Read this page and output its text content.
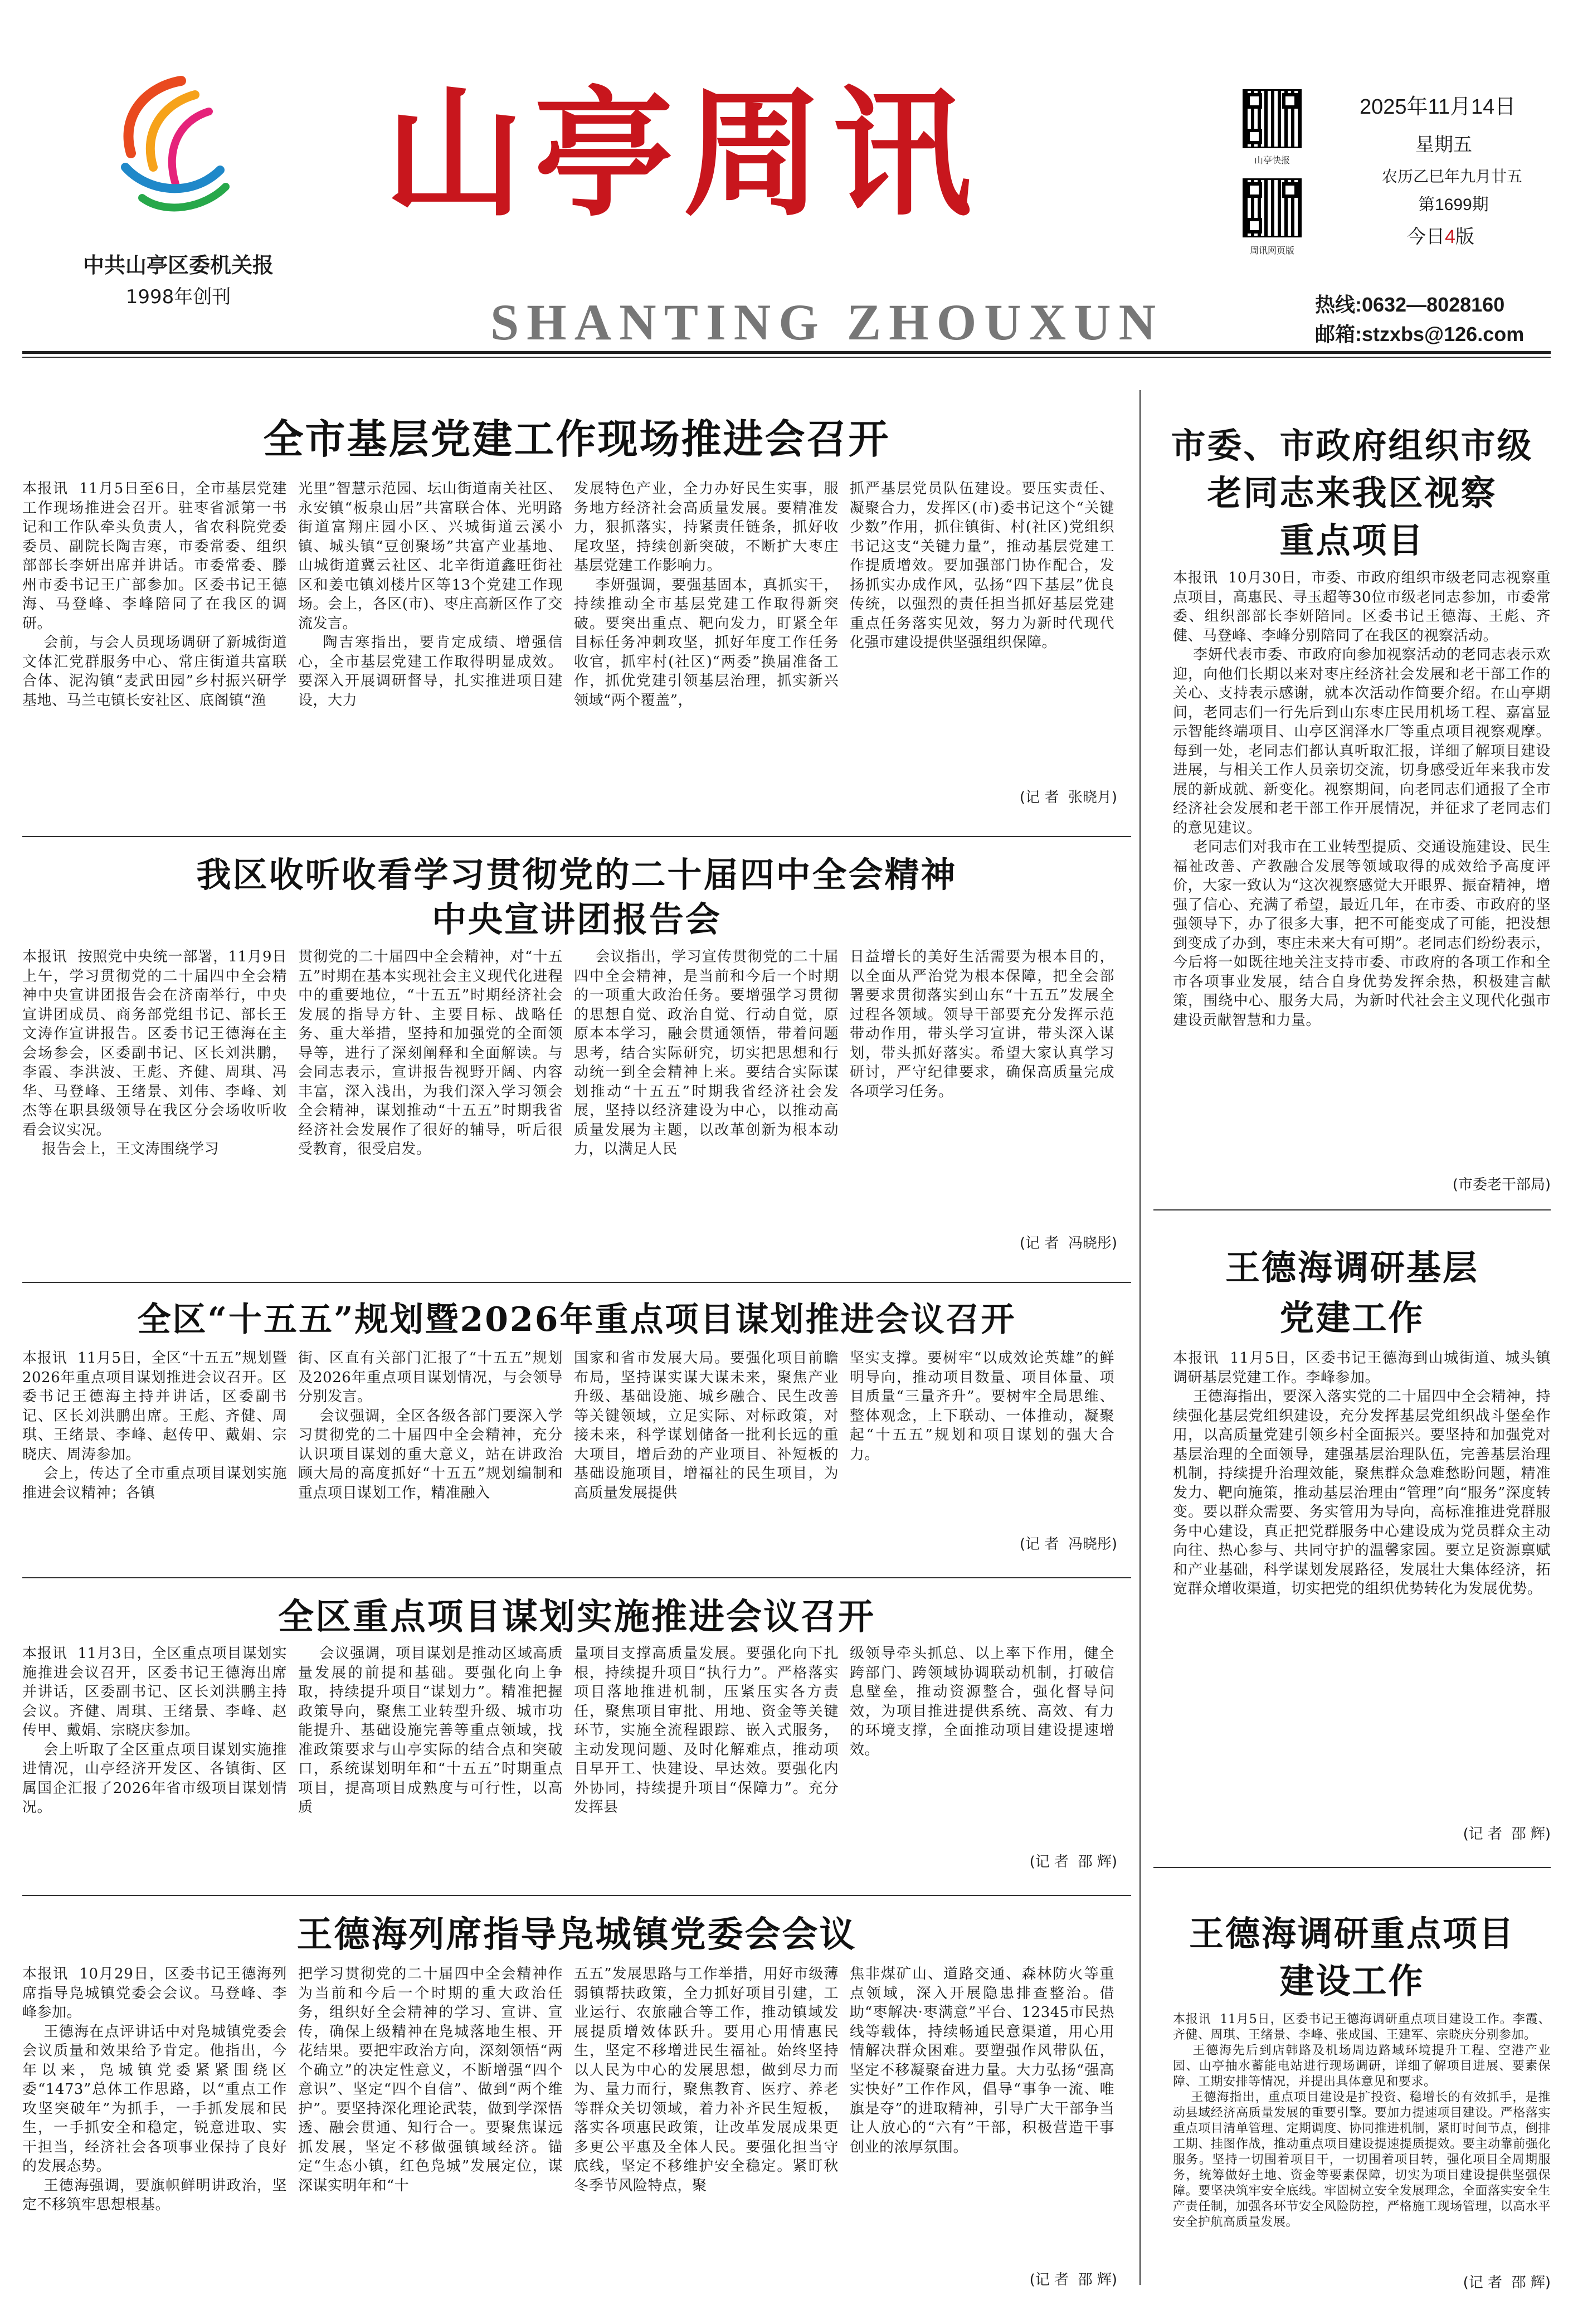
中共山亭区委机关报
1998年创刊
山亭周讯
SHANTING ZHOUXUN
山亭快报
周讯网页版
2025年11月14日
星期五
农历乙巳年九月廿五
第1699期
今日4版
热线:0632—8028160
邮箱:stzxbs@126.com
全市基层党建工作现场推进会召开
本报讯  11月5日至6日，全市基层党建工作现场推进会召开。驻枣省派第一书记和工作队牵头负责人，省农科院党委委员、副院长陶吉寒，市委常委、组织部部长李妍出席并讲话。市委常委、滕州市委书记王广部参加。区委书记王德海、马登峰、李峰陪同了在我区的调研。
会前，与会人员现场调研了新城街道文体汇党群服务中心、常庄街道共富联合体、泥沟镇“麦武田园”乡村振兴研学基地、马兰屯镇长安社区、底阁镇“渔
光里”智慧示范园、坛山街道南关社区、永安镇“板泉山居”共富联合体、光明路街道富翔庄园小区、兴城街道云溪小镇、城头镇“豆创聚场”共富产业基地、山城街道冀云社区、北辛街道鑫旺街社区和姜屯镇刘楼片区等13个党建工作现场。会上，各区(市)、枣庄高新区作了交流发言。
陶吉寒指出，要肯定成绩、增强信心，全市基层党建工作取得明显成效。要深入开展调研督导，扎实推进项目建设，大力
发展特色产业，全力办好民生实事，服务地方经济社会高质量发展。要精准发力，狠抓落实，持紧责任链条，抓好收尾攻坚，持续创新突破，不断扩大枣庄基层党建工作影响力。
李妍强调，要强基固本，真抓实干，持续推动全市基层党建工作取得新突破。要突出重点、靶向发力，盯紧全年目标任务冲刺攻坚，抓好年度工作任务收官，抓牢村(社区)“两委”换届准备工作，抓优党建引领基层治理，抓实新兴领域“两个覆盖”，
抓严基层党员队伍建设。要压实责任、凝聚合力，发挥区(市)委书记这个“关键少数”作用，抓住镇街、村(社区)党组织书记这支“关键力量”，推动基层党建工作提质增效。要加强部门协作配合，发扬抓实办成作风，弘扬“四下基层”优良传统，以强烈的责任担当抓好基层党建重点任务落实见效，努力为新时代现代化强市建设提供坚强组织保障。
(记 者  张晓月)
我区收听收看学习贯彻党的二十届四中全会精神
中央宣讲团报告会
本报讯  按照党中央统一部署，11月9日上午，学习贯彻党的二十届四中全会精神中央宣讲团报告会在济南举行，中央宣讲团成员、商务部党组书记、部长王文涛作宣讲报告。区委书记王德海在主会场参会，区委副书记、区长刘洪鹏，李霞、李洪波、王彪、齐健、周琪、冯华、马登峰、王绪景、刘伟、李峰、刘杰等在职县级领导在我区分会场收听收看会议实况。
报告会上，王文涛围绕学习
贯彻党的二十届四中全会精神，对“十五五”时期在基本实现社会主义现代化进程中的重要地位，“十五五”时期经济社会发展的指导方针、主要目标、战略任务、重大举措，坚持和加强党的全面领导等，进行了深刻阐释和全面解读。与会同志表示，宣讲报告视野开阔、内容丰富，深入浅出，为我们深入学习领会全会精神，谋划推动“十五五”时期我省经济社会发展作了很好的辅导，听后很受教育，很受启发。
会议指出，学习宣传贯彻党的二十届四中全会精神，是当前和今后一个时期的一项重大政治任务。要增强学习贯彻的思想自觉、政治自觉、行动自觉，原原本本学习，融会贯通领悟，带着问题思考，结合实际研究，切实把思想和行动统一到全会精神上来。要结合实际谋划推动“十五五”时期我省经济社会发展，坚持以经济建设为中心，以推动高质量发展为主题，以改革创新为根本动力，以满足人民
日益增长的美好生活需要为根本目的，以全面从严治党为根本保障，把全会部署要求贯彻落实到山东“十五五”发展全过程各领域。领导干部要充分发挥示范带动作用，带头学习宣讲，带头深入谋划，带头抓好落实。希望大家认真学习研讨，严守纪律要求，确保高质量完成各项学习任务。
(记 者  冯晓彤)
全区“十五五”规划暨2026年重点项目谋划推进会议召开
本报讯  11月5日，全区“十五五”规划暨2026年重点项目谋划推进会议召开。区委书记王德海主持并讲话，区委副书记、区长刘洪鹏出席。王彪、齐健、周琪、王绪景、李峰、赵传甲、戴娟、宗晓庆、周涛参加。
会上，传达了全市重点项目谋划实施推进会议精神；各镇
街、区直有关部门汇报了“十五五”规划及2026年重点项目谋划情况，与会领导分别发言。
会议强调，全区各级各部门要深入学习贯彻党的二十届四中全会精神，充分认识项目谋划的重大意义，站在讲政治顾大局的高度抓好“十五五”规划编制和重点项目谋划工作，精准融入
国家和省市发展大局。要强化项目前瞻布局，坚持谋实谋大谋未来，聚焦产业升级、基础设施、城乡融合、民生改善等关键领域，立足实际、对标政策，对接未来，科学谋划储备一批利长远的重大项目，增后劲的产业项目、补短板的基础设施项目，增福社的民生项目，为高质量发展提供
坚实支撑。要树牢“以成效论英雄”的鲜明导向，推动项目数量、项目体量、项目质量“三量齐升”。要树牢全局思维、整体观念，上下联动、一体推动，凝聚起“十五五”规划和项目谋划的强大合力。
(记 者  冯晓彤)
全区重点项目谋划实施推进会议召开
本报讯  11月3日，全区重点项目谋划实施推进会议召开，区委书记王德海出席并讲话，区委副书记、区长刘洪鹏主持会议。齐健、周琪、王绪景、李峰、赵传甲、戴娟、宗晓庆参加。
会上听取了全区重点项目谋划实施推进情况，山亭经济开发区、各镇街、区属国企汇报了2026年省市级项目谋划情况。
会议强调，项目谋划是推动区域高质量发展的前提和基础。要强化向上争取，持续提升项目“谋划力”。精准把握政策导向，聚焦工业转型升级、城市功能提升、基础设施完善等重点领域，找准政策要求与山亭实际的结合点和突破口，系统谋划明年和“十五五”时期重点项目，提高项目成熟度与可行性，以高质
量项目支撑高质量发展。要强化向下扎根，持续提升项目“执行力”。严格落实项目落地推进机制，压紧压实各方责任，聚焦项目审批、用地、资金等关键环节，实施全流程跟踪、嵌入式服务，主动发现问题、及时化解难点，推动项目早开工、快建设、早达效。要强化内外协同，持续提升项目“保障力”。充分发挥县
级领导牵头抓总、以上率下作用，健全跨部门、跨领域协调联动机制，打破信息壁垒，推动资源整合，强化督导问效，为项目推进提供系统、高效、有力的环境支撑，全面推动项目建设提速增效。
(记 者  邵 辉)
王德海列席指导凫城镇党委会会议
本报讯  10月29日，区委书记王德海列席指导凫城镇党委会会议。马登峰、李峰参加。
王德海在点评讲话中对凫城镇党委会会议质量和效果给予肯定。他指出，今年以来，凫城镇党委紧紧围绕区委“1473”总体工作思路，以“重点工作攻坚突破年”为抓手，一手抓发展和民生，一手抓安全和稳定，锐意进取、实干担当，经济社会各项事业保持了良好的发展态势。
王德海强调，要旗帜鲜明讲政治，坚定不移筑牢思想根基。
把学习贯彻党的二十届四中全会精神作为当前和今后一个时期的重大政治任务，组织好全会精神的学习、宣讲、宣传，确保上级精神在凫城落地生根、开花结果。要把牢政治方向，深刻领悟“两个确立”的决定性意义，不断增强“四个意识”、坚定“四个自信”、做到“两个维护”。要坚持深化理论武装，做到学深悟透、融会贯通、知行合一。要聚焦谋远抓发展，坚定不移做强镇域经济。锚定“生态小镇，红色凫城”发展定位，谋深谋实明年和“十
五五”发展思路与工作举措，用好市级薄弱镇帮扶政策，全力抓好项目引建，工业运行、农旅融合等工作，推动镇域发展提质增效体跃升。要用心用情惠民生，坚定不移增进民生福祉。始终坚持以人民为中心的发展思想，做到尽力而为、量力而行，聚焦教育、医疗、养老等群众关切领域，着力补齐民生短板，落实各项惠民政策，让改革发展成果更多更公平惠及全体人民。要强化担当守底线，坚定不移维护安全稳定。紧盯秋冬季节风险特点，聚
焦非煤矿山、道路交通、森林防火等重点领域，深入开展隐患排查整治。借助“枣解决·枣满意”平台、12345市民热线等载体，持续畅通民意渠道，用心用情解决群众困难。要塑强作风带队伍，坚定不移凝聚奋进力量。大力弘扬“强高实快好”工作作风，倡导“事争一流、唯旗是夺”的进取精神，引导广大干部争当让人放心的“六有”干部，积极营造干事创业的浓厚氛围。
(记 者  邵 辉)
市委、市政府组织市级
老同志来我区视察
重点项目
本报讯  10月30日，市委、市政府组织市级老同志视察重点项目，高惠民、寻玉超等30位市级老同志参加，市委常委、组织部部长李妍陪同。区委书记王德海、王彪、齐健、马登峰、李峰分别陪同了在我区的视察活动。
李妍代表市委、市政府向参加视察活动的老同志表示欢迎，向他们长期以来对枣庄经济社会发展和老干部工作的关心、支持表示感谢，就本次活动作简要介绍。在山亭期间，老同志们一行先后到山东枣庄民用机场工程、嘉富显示智能终端项目、山亭区润泽水厂等重点项目视察观摩。每到一处，老同志们都认真听取汇报，详细了解项目建设进展，与相关工作人员亲切交流，切身感受近年来我市发展的新成就、新变化。视察期间，向老同志们通报了全市经济社会发展和老干部工作开展情况，并征求了老同志们的意见建议。
老同志们对我市在工业转型提质、交通设施建设、民生福祉改善、产教融合发展等领域取得的成效给予高度评价，大家一致认为“这次视察感觉大开眼界、振奋精神，增强了信心、充满了希望，最近几年，在市委、市政府的坚强领导下，办了很多大事，把不可能变成了可能，把没想到变成了办到，枣庄未来大有可期”。老同志们纷纷表示，今后将一如既往地关注支持市委、市政府的各项工作和全市各项事业发展，结合自身优势发挥余热，积极建言献策，围绕中心、服务大局，为新时代社会主义现代化强市建设贡献智慧和力量。
(市委老干部局)
王德海调研基层
党建工作
本报讯  11月5日，区委书记王德海到山城街道、城头镇调研基层党建工作。李峰参加。
王德海指出，要深入落实党的二十届四中全会精神，持续强化基层党组织建设，充分发挥基层党组织战斗堡垒作用，以高质量党建引领乡村全面振兴。要坚持和加强党对基层治理的全面领导，建强基层治理队伍，完善基层治理机制，持续提升治理效能，聚焦群众急难愁盼问题，精准发力、靶向施策，推动基层治理由“管理”向“服务”深度转变。要以群众需要、务实管用为导向，高标准推进党群服务中心建设，真正把党群服务中心建设成为党员群众主动向往、热心参与、共同守护的温馨家园。要立足资源禀赋和产业基础，科学谋划发展路径，发展壮大集体经济，拓宽群众增收渠道，切实把党的组织优势转化为发展优势。
(记 者  邵 辉)
王德海调研重点项目
建设工作
本报讯  11月5日，区委书记王德海调研重点项目建设工作。李霞、齐健、周琪、王绪景、李峰、张成国、王建军、宗晓庆分别参加。
王德海先后到店韩路及机场周边路域环境提升工程、空港产业园、山亭抽水蓄能电站进行现场调研，详细了解项目进展、要素保障、工期安排等情况，并提出具体意见和要求。
王德海指出，重点项目建设是扩投资、稳增长的有效抓手，是推动县域经济高质量发展的重要引擎。要加力提速项目建设。严格落实重点项目清单管理、定期调度、协同推进机制，紧盯时间节点，倒排工期、挂图作战，推动重点项目建设提速提质提效。要主动靠前强化服务。坚持一切围着项目干，一切围着项目转，强化项目全周期服务，统筹做好土地、资金等要素保障，切实为项目建设提供坚强保障。要坚决筑牢安全底线。牢固树立安全发展理念，全面落实安全生产责任制，加强各环节安全风险防控，严格施工现场管理，以高水平安全护航高质量发展。
(记 者  邵 辉)
